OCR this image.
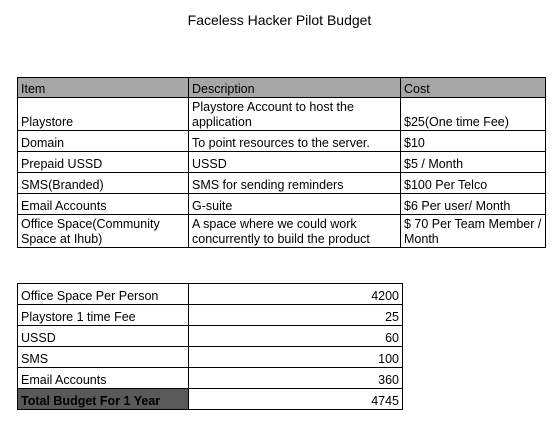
Faceless Hacker Pilot Budget
Item	Description	Cost
Playstore	Playstore Account to host the application	$25(One time Fee)
Domain	To point resources to the server.	$10
Prepaid USSD	USSD	$5 / Month
SMS(Branded)	SMS for sending reminders	$100 Per Telco
Email Accounts	G-suite	$6 Per user/ Month
Office Space(Community Space at Ihub)	A space where we could work concurrently to build the product	$ 70 Per Team Member / Month
Office Space Per Person	4200
Playstore 1 time Fee	25
USSD	60
SMS	100
Email Accounts	360
Total Budget For 1 Year	4745
